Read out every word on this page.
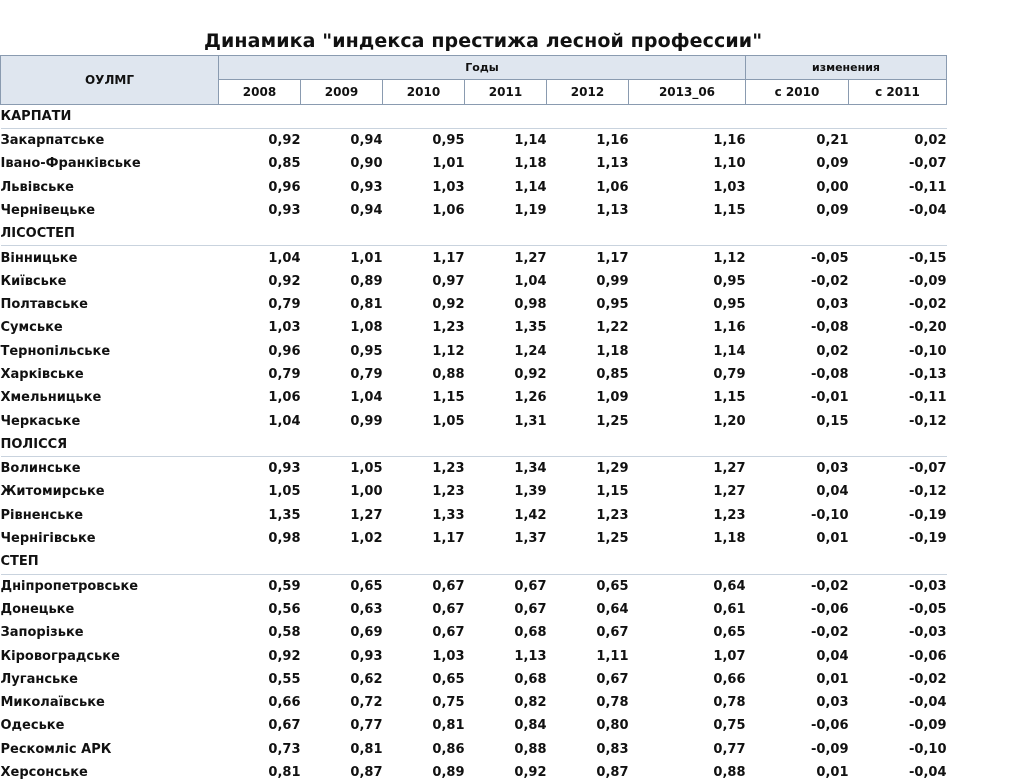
Динамика "индекса престижа лесной профессии"
ОУЛМГ	Годы						изменения	
	2008	2009	2010	2011	2012	2013_06	с 2010	с 2011
КАРПАТИ								
Закарпатське	0,92	0,94	0,95	1,14	1,16	1,16	0,21	0,02
Івано-Франківське	0,85	0,90	1,01	1,18	1,13	1,10	0,09	-0,07
Львівське	0,96	0,93	1,03	1,14	1,06	1,03	0,00	-0,11
Чернівецьке	0,93	0,94	1,06	1,19	1,13	1,15	0,09	-0,04
ЛІСОСТЕП								
Вінницьке	1,04	1,01	1,17	1,27	1,17	1,12	-0,05	-0,15
Київське	0,92	0,89	0,97	1,04	0,99	0,95	-0,02	-0,09
Полтавське	0,79	0,81	0,92	0,98	0,95	0,95	0,03	-0,02
Сумське	1,03	1,08	1,23	1,35	1,22	1,16	-0,08	-0,20
Тернопільське	0,96	0,95	1,12	1,24	1,18	1,14	0,02	-0,10
Харківське	0,79	0,79	0,88	0,92	0,85	0,79	-0,08	-0,13
Хмельницьке	1,06	1,04	1,15	1,26	1,09	1,15	-0,01	-0,11
Черкаське	1,04	0,99	1,05	1,31	1,25	1,20	0,15	-0,12
ПОЛІССЯ								
Волинське	0,93	1,05	1,23	1,34	1,29	1,27	0,03	-0,07
Житомирське	1,05	1,00	1,23	1,39	1,15	1,27	0,04	-0,12
Рівненське	1,35	1,27	1,33	1,42	1,23	1,23	-0,10	-0,19
Чернігівське	0,98	1,02	1,17	1,37	1,25	1,18	0,01	-0,19
СТЕП								
Дніпропетровське	0,59	0,65	0,67	0,67	0,65	0,64	-0,02	-0,03
Донецьке	0,56	0,63	0,67	0,67	0,64	0,61	-0,06	-0,05
Запорізьке	0,58	0,69	0,67	0,68	0,67	0,65	-0,02	-0,03
Кіровоградське	0,92	0,93	1,03	1,13	1,11	1,07	0,04	-0,06
Луганське	0,55	0,62	0,65	0,68	0,67	0,66	0,01	-0,02
Миколаївське	0,66	0,72	0,75	0,82	0,78	0,78	0,03	-0,04
Одеське	0,67	0,77	0,81	0,84	0,80	0,75	-0,06	-0,09
Рескомліс АРК	0,73	0,81	0,86	0,88	0,83	0,77	-0,09	-0,10
Херсонське	0,81	0,87	0,89	0,92	0,87	0,88	0,01	-0,04
